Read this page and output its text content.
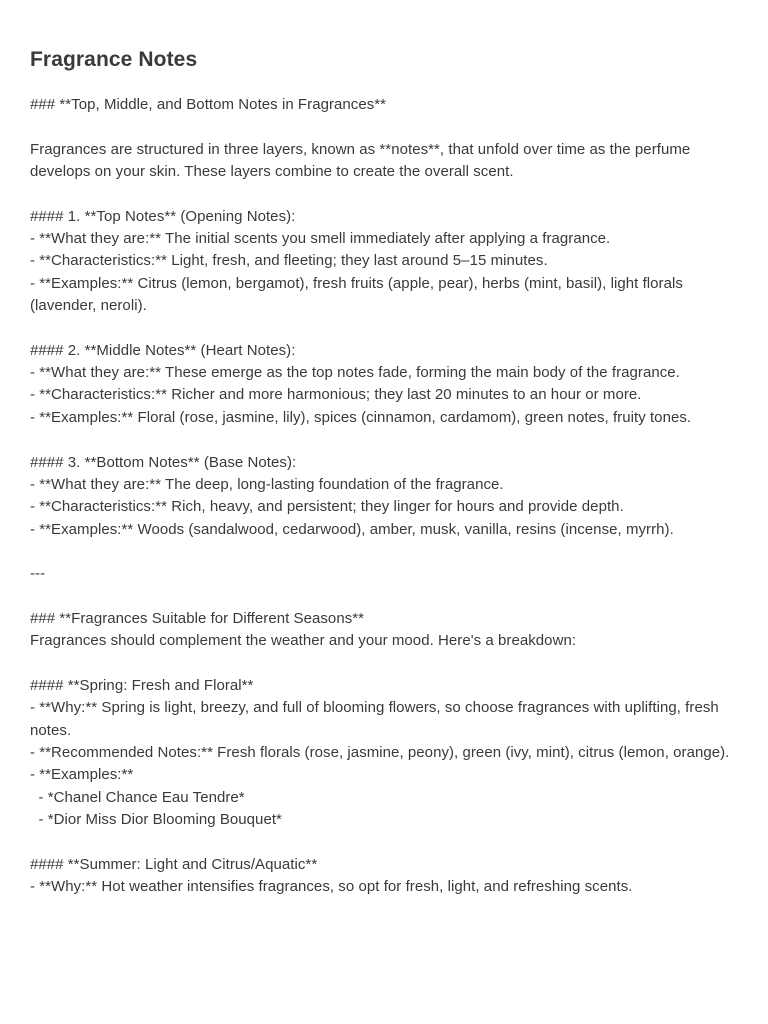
Fragrance Notes
### **Top, Middle, and Bottom Notes in Fragrances**

Fragrances are structured in three layers, known as **notes**, that unfold over time as the perfume develops on your skin. These layers combine to create the overall scent.

#### 1. **Top Notes** (Opening Notes):
- **What they are:** The initial scents you smell immediately after applying a fragrance.
- **Characteristics:** Light, fresh, and fleeting; they last around 5–15 minutes.
- **Examples:** Citrus (lemon, bergamot), fresh fruits (apple, pear), herbs (mint, basil), light florals (lavender, neroli).

#### 2. **Middle Notes** (Heart Notes):
- **What they are:** These emerge as the top notes fade, forming the main body of the fragrance.
- **Characteristics:** Richer and more harmonious; they last 20 minutes to an hour or more.
- **Examples:** Floral (rose, jasmine, lily), spices (cinnamon, cardamom), green notes, fruity tones.

#### 3. **Bottom Notes** (Base Notes):
- **What they are:** The deep, long-lasting foundation of the fragrance.
- **Characteristics:** Rich, heavy, and persistent; they linger for hours and provide depth.
- **Examples:** Woods (sandalwood, cedarwood), amber, musk, vanilla, resins (incense, myrrh).

---

### **Fragrances Suitable for Different Seasons**
Fragrances should complement the weather and your mood. Here's a breakdown:

#### **Spring: Fresh and Floral**
- **Why:** Spring is light, breezy, and full of blooming flowers, so choose fragrances with uplifting, fresh notes.
- **Recommended Notes:** Fresh florals (rose, jasmine, peony), green (ivy, mint), citrus (lemon, orange).
- **Examples:**
- *Chanel Chance Eau Tendre*
- *Dior Miss Dior Blooming Bouquet*

#### **Summer: Light and Citrus/Aquatic**
- **Why:** Hot weather intensifies fragrances, so opt for fresh, light, and refreshing scents.
